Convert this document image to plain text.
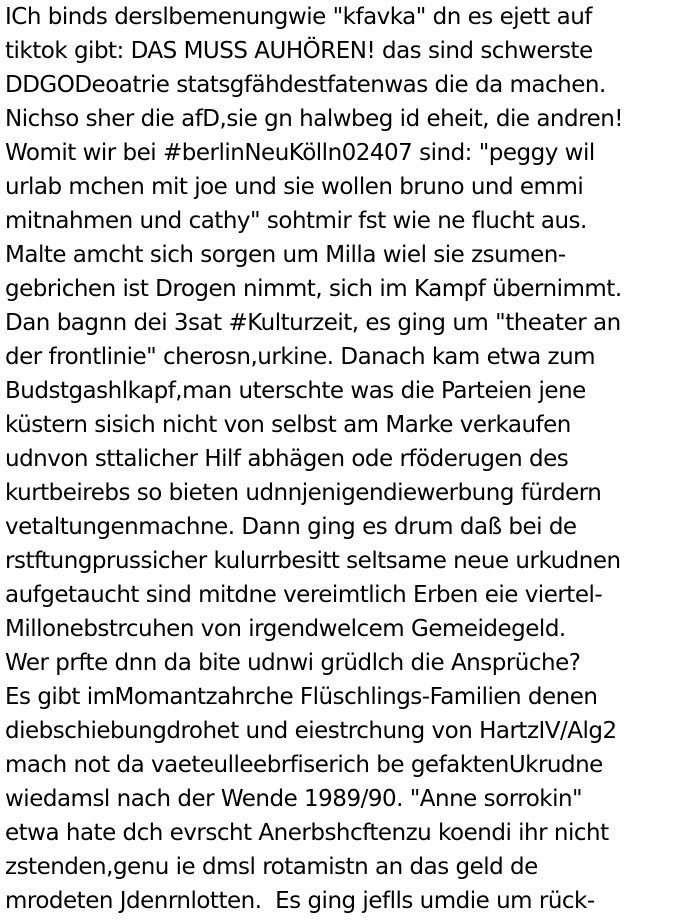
ICh binds derslbemenungwie "kfavka" dn es ejett auf
tiktok gibt: DAS MUSS AUHÖREN! das sind schwerste
DDGODeoatrie statsgfähdestfatenwas die da machen.
Nichso sher die afD,sie gn halwbeg id eheit, die andren!
Womit wir bei #berlinNeuKölln02407 sind: "peggy wil
urlab mchen mit joe und sie wollen bruno und emmi
mitnahmen und cathy" sohtmir fst wie ne flucht aus.
Malte amcht sich sorgen um Milla wiel sie zsumen-
gebrichen ist Drogen nimmt, sich im Kampf übernimmt.
Dan bagnn dei 3sat #Kulturzeit, es ging um "theater an
der frontlinie" cherosn,urkine. Danach kam etwa zum
Budstgashlkapf,man uterschte was die Parteien jene
küstern sisich nicht von selbst am Marke verkaufen
udnvon sttalicher Hilf abhägen ode rföderugen des
kurtbeirebs so bieten udnnjenigendiewerbung fürdern
vetaltungenmachne. Dann ging es drum daß bei de
rstftungprussicher kulurrbesitt seltsame neue urkudnen
aufgetaucht sind mitdne vereimtlich Erben eie viertel-
Millonebstrcuhen von irgendwelcem Gemeidegeld.
Wer prfte dnn da bite udnwi grüdlch die Ansprüche?
Es gibt imMomantzahrche Flüschlings-Familien denen
diebschiebungdrohet und eiestrchung von HartzIV/Alg2
mach not da vaeteulleebrfiserich be gefaktenUkrudne
wiedamsl nach der Wende 1989/90. "Anne sorrokin"
etwa hate dch evrscht Anerbshcftenzu koendi ihr nicht
zstenden,genu ie dmsl rotamistn an das geld de
mrodeten Jdenrnlotten.  Es ging jeflls umdie um rück-
